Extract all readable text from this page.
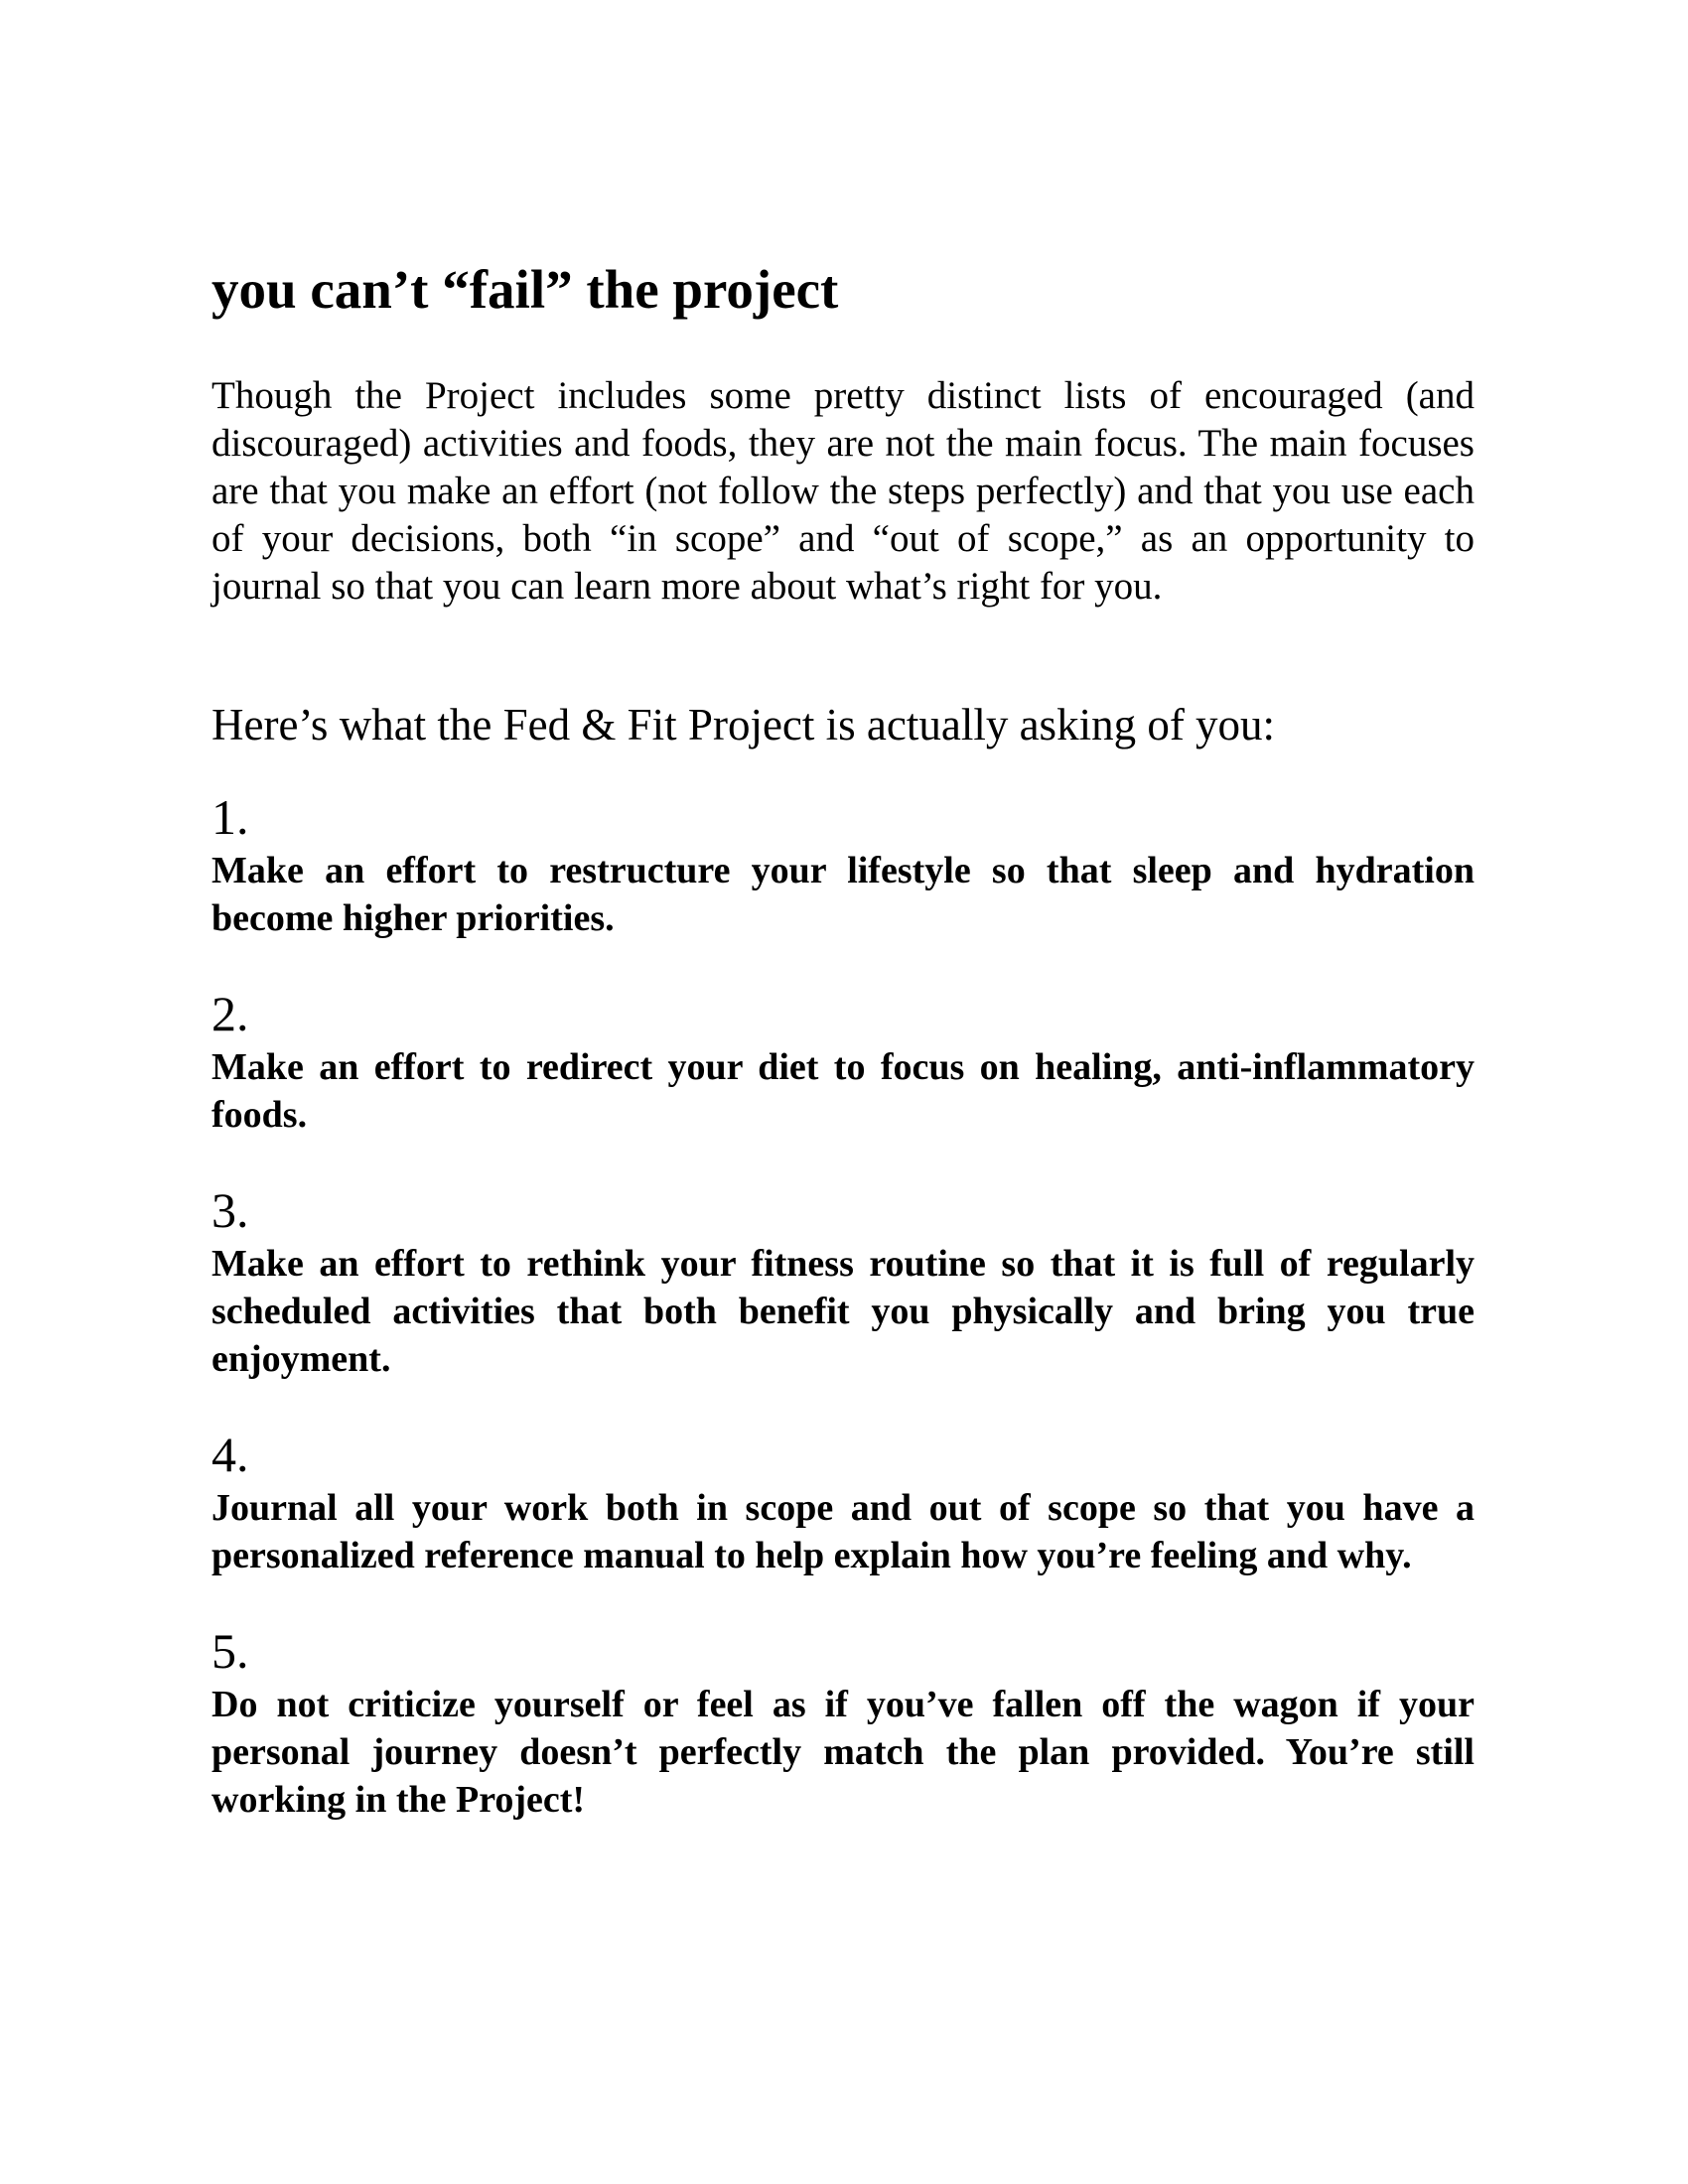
you can’t “fail” the project

Though the Project includes some pretty distinct lists of encouraged (and discouraged) activities and foods, they are not the main focus. The main focuses are that you make an effort (not follow the steps perfectly) and that you use each of your decisions, both “in scope” and “out of scope,” as an opportunity to journal so that you can learn more about what’s right for you.

Here’s what the Fed & Fit Project is actually asking of you:

1.
Make an effort to restructure your lifestyle so that sleep and hydration become higher priorities.
2.
Make an effort to redirect your diet to focus on healing, anti-inflammatory foods.
3.
Make an effort to rethink your fitness routine so that it is full of regularly scheduled activities that both benefit you physically and bring you true enjoyment.
4.
Journal all your work both in scope and out of scope so that you have a personalized reference manual to help explain how you’re feeling and why.
5.
Do not criticize yourself or feel as if you’ve fallen off the wagon if your personal journey doesn’t perfectly match the plan provided. You’re still working in the Project!
